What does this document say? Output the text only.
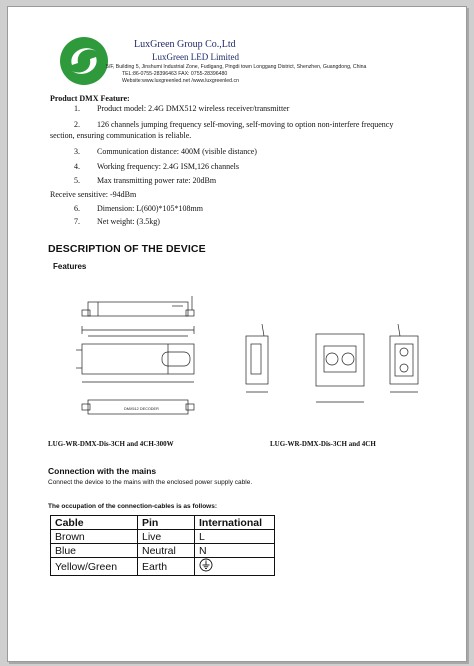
LuxGreen Group Co.,Ltd
LuxGreen LED Limited
5/F, Building 5, Jinshumi Industrial Zone, Fudigang, Pingdi town Longgang District, Shenzhen, Guangdong, China
TEL:86-0755-28396463 FAX: 0755-28396480
Website:www.luxgreenled.net /www.luxgreenled.cn
Product DMX Feature:
1. Product model: 2.4G DMX512 wireless receiver/transmitter
2. 126 channels jumping frequency self-moving, self-moving to option non-interfere frequency
section, ensuring communication is reliable.
3. Communication distance: 400M (visible distance)
4. Working frequency: 2.4G ISM,126 channels
5. Max transmitting power rate: 20dBm
Receive sensitive: -94dBm
6. Dimension: L(600)*105*108mm
7. Net weight: (3.5kg)
DESCRIPTION OF THE DEVICE
Features
DMX512 DECODER
LUG-WR-DMX-Dis-3CH and 4CH-300W	LUG-WR-DMX-Dis-3CH and 4CH
Connection with the mains
Connect the device to the mains with the enclosed power supply cable.
The occupation of the connection-cables is as follows:
Cable	Pin	International
Brown	Live	L
Blue	Neutral	N
Yellow/Green	Earth	
